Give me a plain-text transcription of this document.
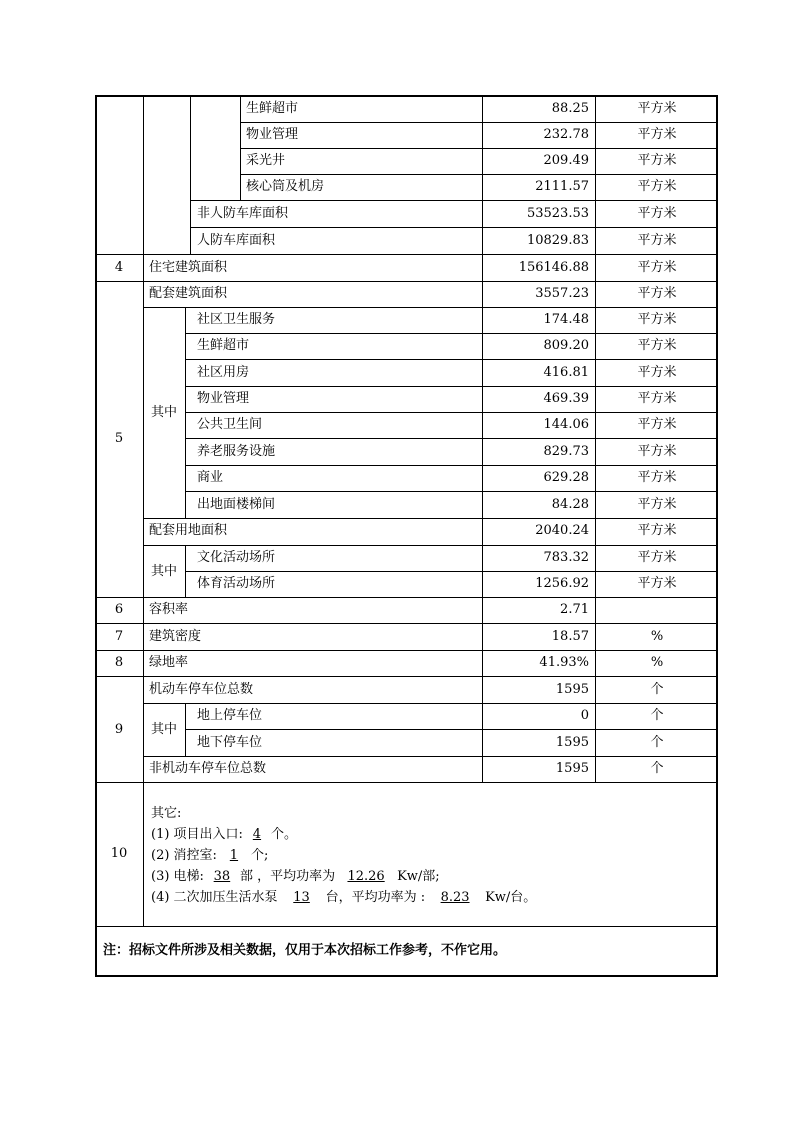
生鲜超市	88.25	平方米
物业管理	232.78	平方米
采光井	209.49	平方米
核心筒及机房	2111.57	平方米
非人防车库面积	53523.53	平方米
人防车库面积	10829.83	平方米
4	住宅建筑面积	156146.88	平方米
5
配套建筑面积	3557.23	平方米
其中
社区卫生服务	174.48	平方米
生鲜超市	809.20	平方米
社区用房	416.81	平方米
物业管理	469.39	平方米
公共卫生间	144.06	平方米
养老服务设施	829.73	平方米
商业	629.28	平方米
出地面楼梯间	84.28	平方米
配套用地面积	2040.24	平方米
其中
文化活动场所	783.32	平方米
体育活动场所	1256.92	平方米
6	容积率	2.71
7	建筑密度	18.57	%
8	绿地率	41.93%	%
9
机动车停车位总数	1595	个
其中
地上停车位	0	个
地下停车位	1595	个
非机动车停车位总数	1595	个
10
其它:
(1) 项目出入口: 4 个。
(2) 消控室: 1 个;
(3) 电梯: 38 部 ，平均功率为 12.26 Kw/部;
(4) 二次加压生活水泵 13 台，平均功率为 : 8.23 Kw/台。
注：招标文件所涉及相关数据，仅用于本次招标工作参考，不作它用。
